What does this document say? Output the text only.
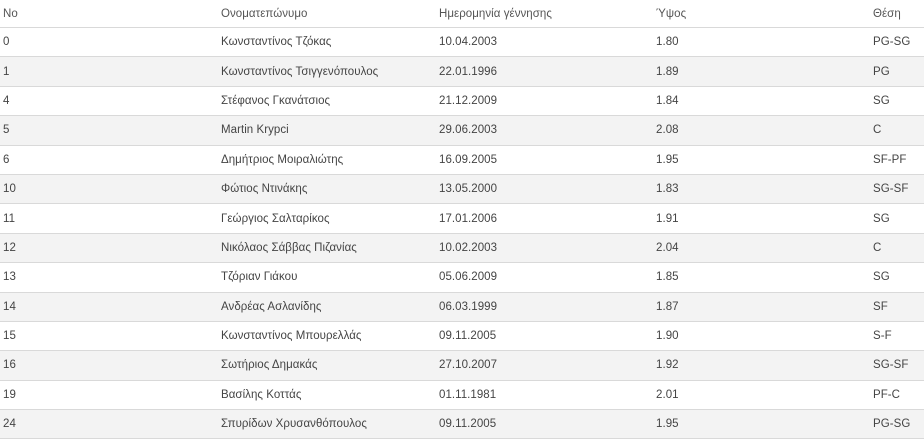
No	Ονοματεπώνυμο	Ημερομηνία γέννησης	Ύψος	Θέση
0	Κωνσταντίνος Τζόκας	10.04.2003	1.80	PG-SG
1	Κωνσταντίνος Τσιγγενόπουλος	22.01.1996	1.89	PG
4	Στέφανος Γκανάτσιος	21.12.2009	1.84	SG
5	Martin Krypci	29.06.2003	2.08	C
6	Δημήτριος Μοιραλιώτης	16.09.2005	1.95	SF-PF
10	Φώτιος Ντινάκης	13.05.2000	1.83	SG-SF
11	Γεώργιος Σαλταρίκος	17.01.2006	1.91	SG
12	Νικόλαος Σάββας Πιζανίας	10.02.2003	2.04	C
13	Τζόριαν Γιάκου	05.06.2009	1.85	SG
14	Ανδρέας Ασλανίδης	06.03.1999	1.87	SF
15	Κωνσταντίνος Μπουρελλάς	09.11.2005	1.90	S-F
16	Σωτήριος Δημακάς	27.10.2007	1.92	SG-SF
19	Βασίλης Κοττάς	01.11.1981	2.01	PF-C
24	Σπυρίδων Χρυσανθόπουλος	09.11.2005	1.95	PG-SG
